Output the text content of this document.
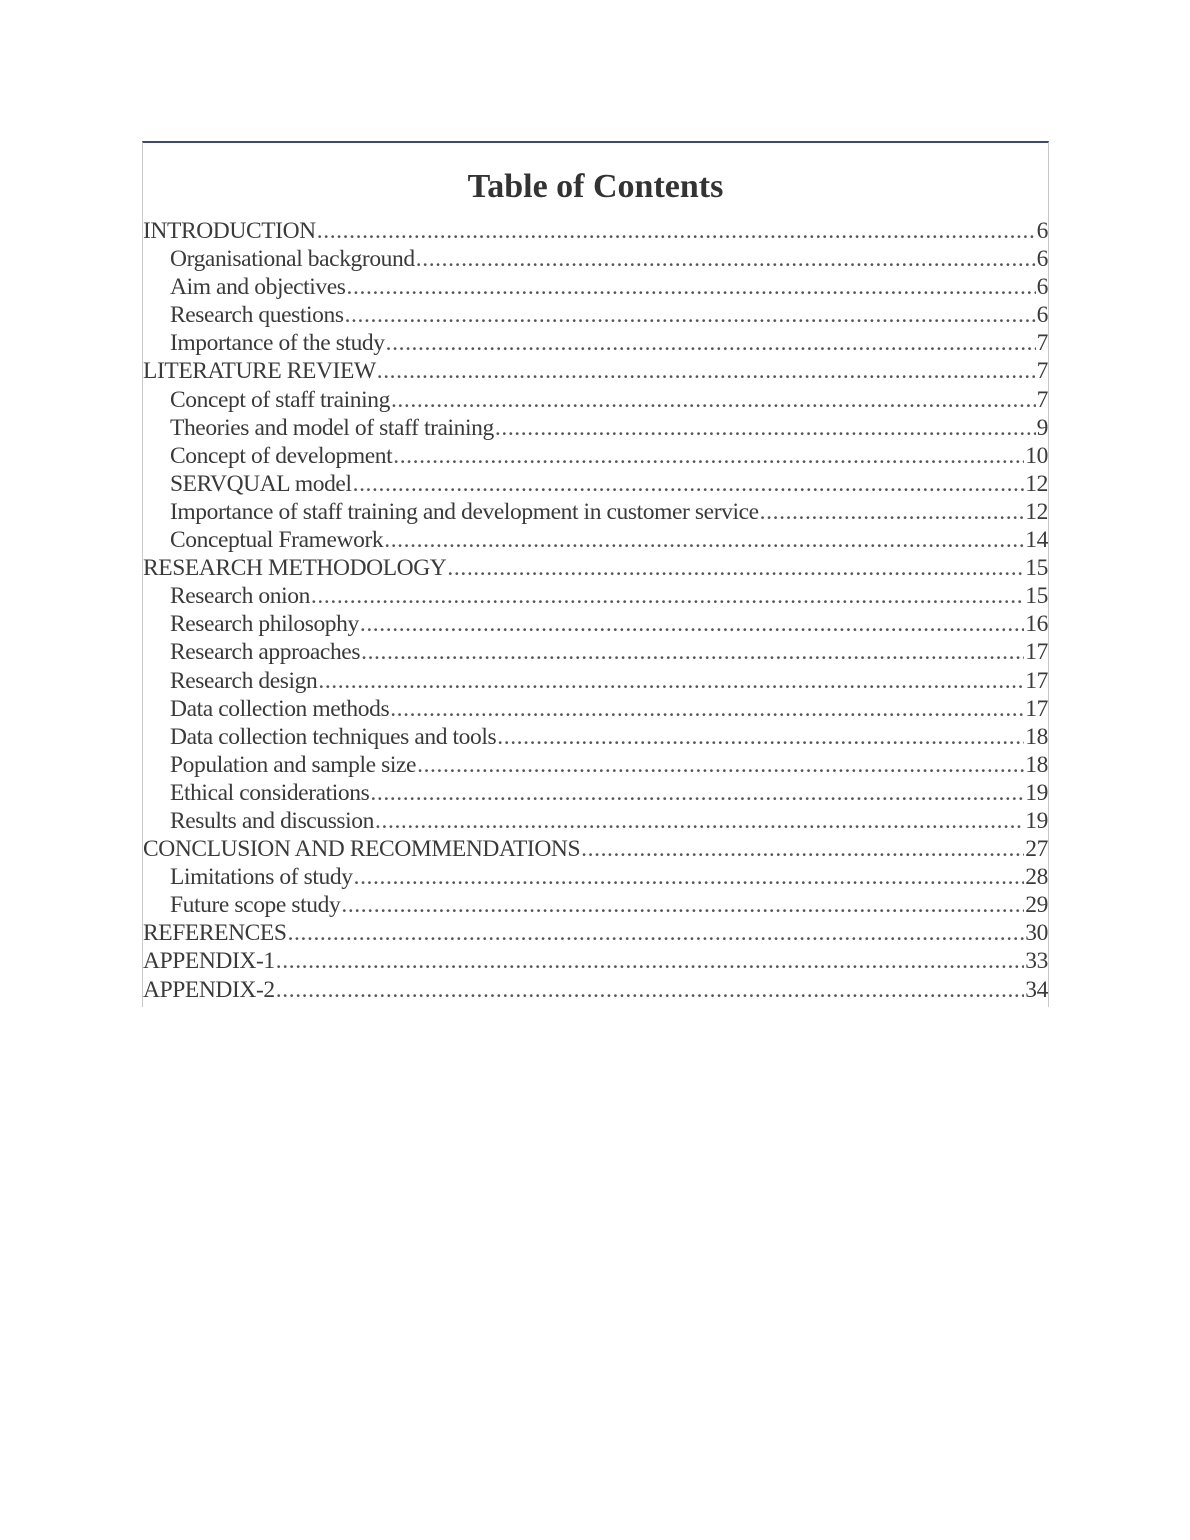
Table of Contents
INTRODUCTION .....	6
Organisational background .....	6
Aim and objectives .....	6
Research questions .....	6
Importance of the study .....	7
LITERATURE REVIEW .....	7
Concept of staff training .....	7
Theories and model of staff training .....	9
Concept of development .....	10
SERVQUAL model .....	12
Importance of staff training and development in customer service .....	12
Conceptual Framework .....	14
RESEARCH METHODOLOGY .....	15
Research onion .....	15
Research philosophy .....	16
Research approaches .....	17
Research design .....	17
Data collection methods .....	17
Data collection techniques and tools .....	18
Population and sample size .....	18
Ethical considerations .....	19
Results and discussion .....	19
CONCLUSION AND RECOMMENDATIONS .....	27
Limitations of study .....	28
Future scope study .....	29
REFERENCES .....	30
APPENDIX-1 .....	33
APPENDIX-2 .....	34
